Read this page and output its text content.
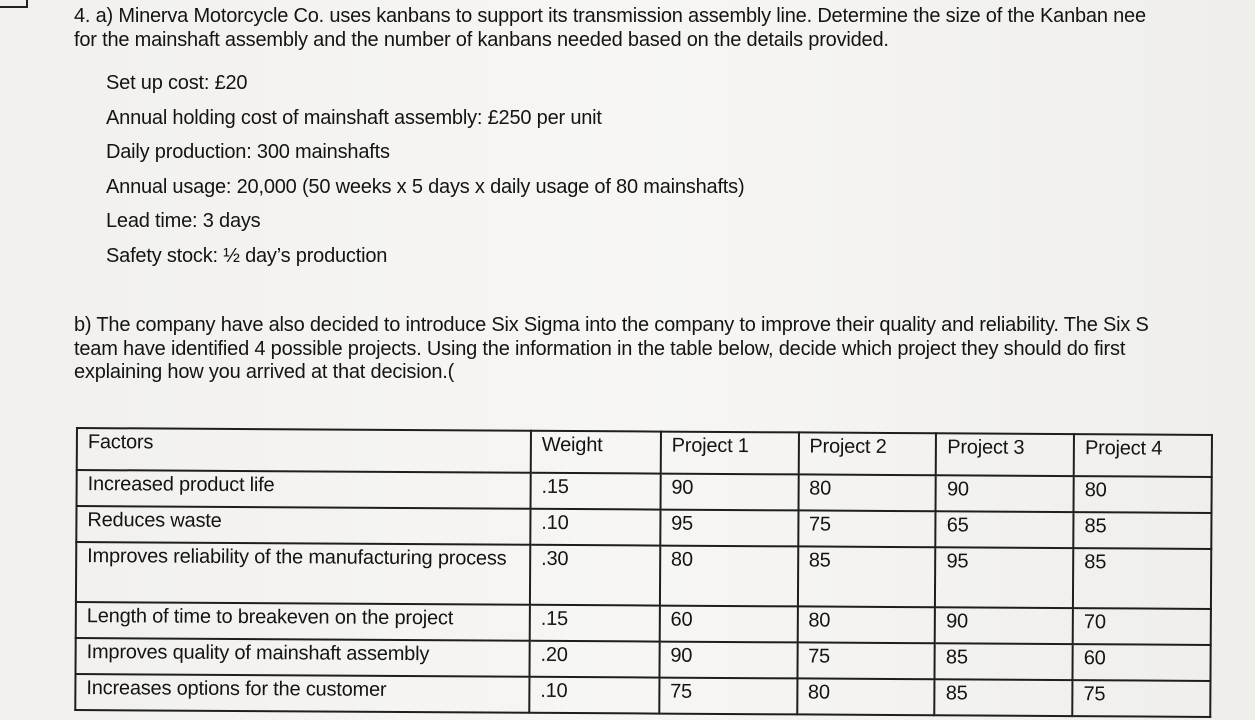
4. a) Minerva Motorcycle Co. uses kanbans to support its transmission assembly line. Determine the size of the Kanban nee
for the mainshaft assembly and the number of kanbans needed based on the details provided.
Set up cost: £20
Annual holding cost of mainshaft assembly: £250 per unit
Daily production: 300 mainshafts
Annual usage: 20,000 (50 weeks x 5 days x daily usage of 80 mainshafts)
Lead time: 3 days
Safety stock: ½ day’s production
b) The company have also decided to introduce Six Sigma into the company to improve their quality and reliability. The Six S
team have identified 4 possible projects. Using the information in the table below, decide which project they should do first
explaining how you arrived at that decision.(
Factors	Weight	Project 1	Project 2	Project 3	Project 4
Increased product life	.15	90	80	90	80
Reduces waste	.10	95	75	65	85
Improves reliability of the manufacturing process	.30	80	85	95	85
Length of time to breakeven on the project	.15	60	80	90	70
Improves quality of mainshaft assembly	.20	90	75	85	60
Increases options for the customer	.10	75	80	85	75
